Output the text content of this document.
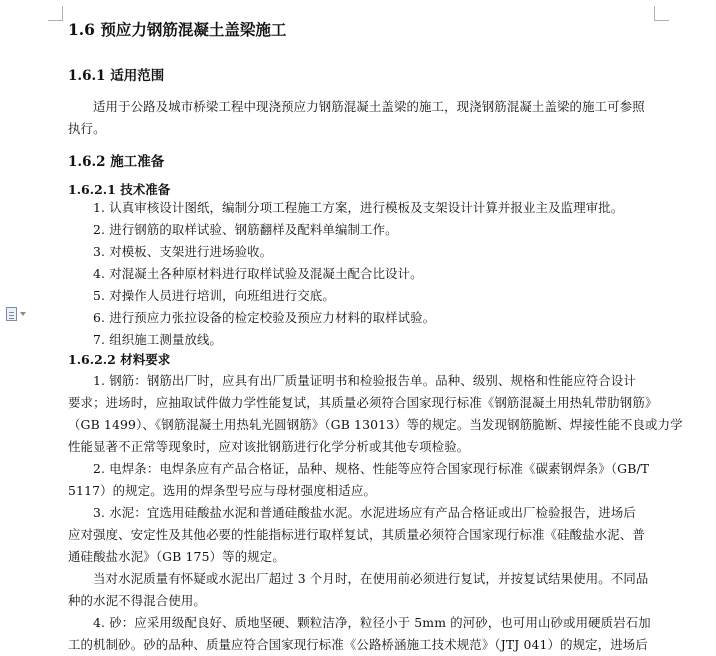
1.6 预应力钢筋混凝土盖梁施工
1.6.1 适用范围
适用于公路及城市桥梁工程中现浇预应力钢筋混凝土盖梁的施工，现浇钢筋混凝土盖梁的施工可参照
执行。
1.6.2 施工准备
1.6.2.1 技术准备
1. 认真审核设计图纸，编制分项工程施工方案，进行模板及支架设计计算并报业主及监理审批。
2. 进行钢筋的取样试验、钢筋翻样及配料单编制工作。
3. 对模板、支架进行进场验收。
4. 对混凝土各种原材料进行取样试验及混凝土配合比设计。
5. 对操作人员进行培训，向班组进行交底。
6. 进行预应力张拉设备的检定校验及预应力材料的取样试验。
7. 组织施工测量放线。
1.6.2.2 材料要求
1. 钢筋：钢筋出厂时，应具有出厂质量证明书和检验报告单。品种、级别、规格和性能应符合设计
要求；进场时，应抽取试件做力学性能复试，其质量必须符合国家现行标准《钢筋混凝土用热轧带肋钢筋》
（GB 1499）、《钢筋混凝土用热轧光圆钢筋》（GB 13013）等的规定。当发现钢筋脆断、焊接性能不良或力学
性能显著不正常等现象时，应对该批钢筋进行化学分析或其他专项检验。
2. 电焊条：电焊条应有产品合格证，品种、规格、性能等应符合国家现行标准《碳素钢焊条》（GB/T
5117）的规定。选用的焊条型号应与母材强度相适应。
3. 水泥：宜选用硅酸盐水泥和普通硅酸盐水泥。水泥进场应有产品合格证或出厂检验报告，进场后
应对强度、安定性及其他必要的性能指标进行取样复试，其质量必须符合国家现行标准《硅酸盐水泥、普
通硅酸盐水泥》（GB 175）等的规定。
当对水泥质量有怀疑或水泥出厂超过 3 个月时，在使用前必须进行复试，并按复试结果使用。不同品
种的水泥不得混合使用。
4. 砂：应采用级配良好、质地坚硬、颗粒洁净，粒径小于 5mm 的河砂，也可用山砂或用硬质岩石加
工的机制砂。砂的品种、质量应符合国家现行标准《公路桥涵施工技术规范》（JTJ 041）的规定，进场后
